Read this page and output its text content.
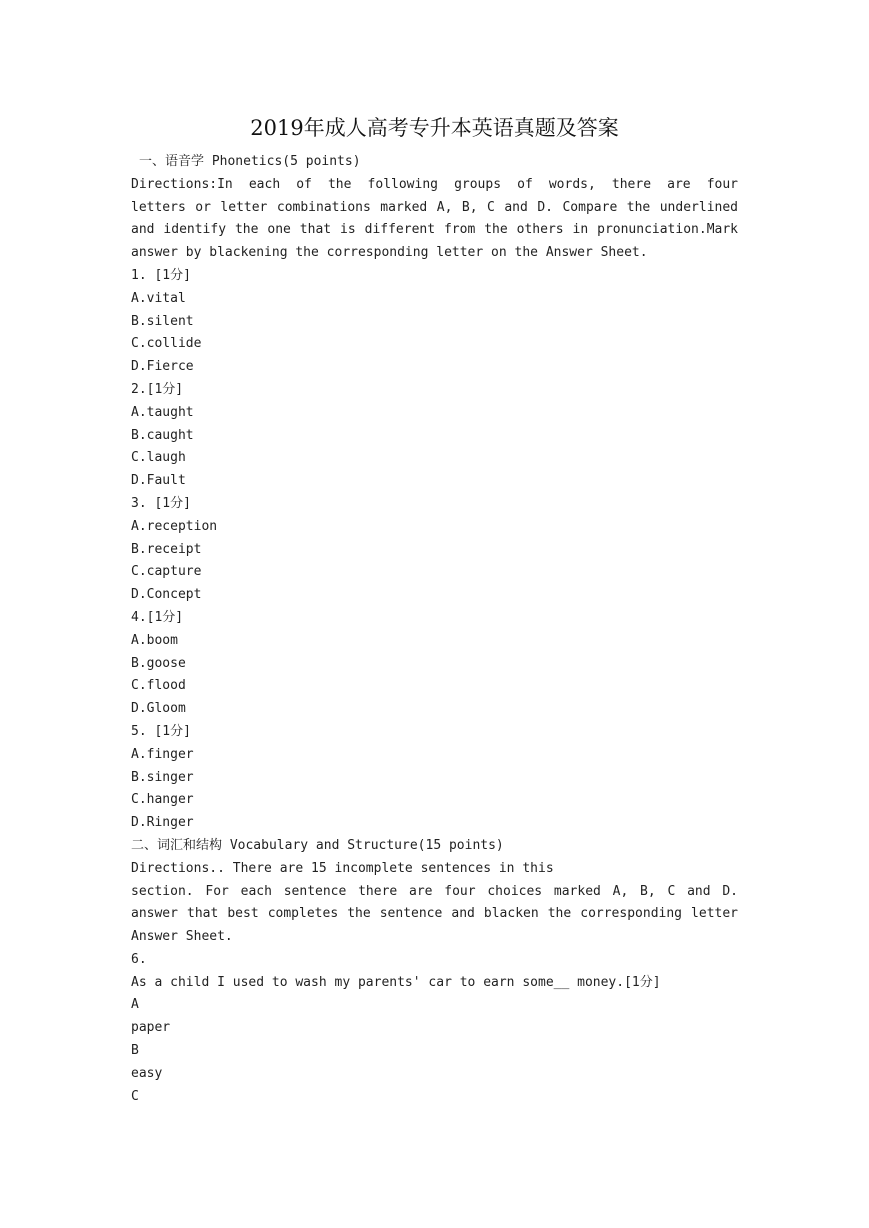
2019年成人高考专升本英语真题及答案
一、语音学 Phonetics(5 points)
Directions:In each of the following groups of words, there are four
letters or letter combinations marked A, B, C and D. Compare the underlined
and identify the one that is different from the others in pronunciation.Mark
answer by blackening the corresponding letter on the Answer Sheet.
1. [1分]
A.vital
B.silent
C.collide
D.Fierce
2.[1分]
A.taught
B.caught
C.laugh
D.Fault
3. [1分]
A.reception
B.receipt
C.capture
D.Concept
4.[1分]
A.boom
B.goose
C.flood
D.Gloom
5. [1分]
A.finger
B.singer
C.hanger
D.Ringer
二、词汇和结构 Vocabulary and Structure(15 points)
Directions.. There are 15 incomplete sentences in this
section. For each sentence there are four choices marked A, B, C and D.
answer that best completes the sentence and blacken the corresponding letter
Answer Sheet.
6.
As a child I used to wash my parents' car to earn some__ money.[1分]
A
paper
B
easy
C
